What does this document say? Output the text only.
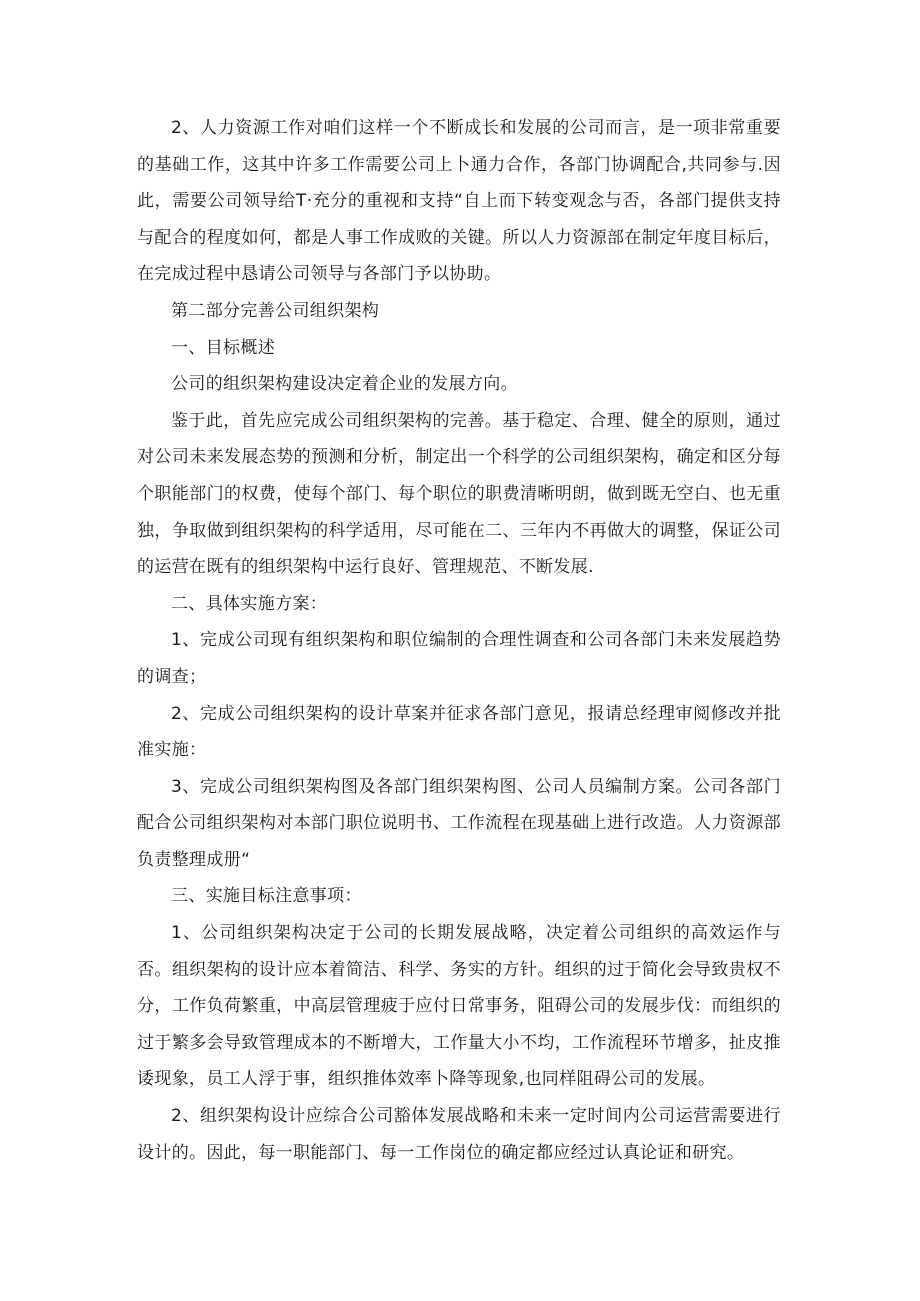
2、人力资源工作对咱们这样一个不断成长和发展的公司而言，是一项非常重要的基础工作，这其中许多工作需要公司上卜通力合作，各部门协调配合,共同参与.因此，需要公司领导给T·充分的重视和支持“自上而下转变观念与否，各部门提供支持与配合的程度如何，都是人事工作成败的关键。所以人力资源部在制定年度目标后，在完成过程中恳请公司领导与各部门予以协助。

第二部分完善公司组织架构

一、目标概述

公司的组织架构建设决定着企业的发展方向。

鉴于此，首先应完成公司组织架构的完善。基于稳定、合理、健全的原则，通过对公司未来发展态势的预测和分析，制定出一个科学的公司组织架构，确定和区分每个职能部门的权费，使每个部门、每个职位的职费清晰明朗，做到既无空白、也无重独，争取做到组织架构的科学适用，尽可能在二、三年内不再做大的调整，保证公司的运营在既有的组织架构中运行良好、管理规范、不断发展.

二、具体实施方案：

1、完成公司现有组织架构和职位编制的合理性调查和公司各部门未来发展趋势的调查；

2、完成公司组织架构的设计草案并征求各部门意见，报请总经理审阅修改并批准实施：

3、完成公司组织架构图及各部门组织架构图、公司人员编制方案。公司各部门配合公司组织架构对本部门职位说明书、工作流程在现基础上进行改造。人力资源部负责整理成册“

三、实施目标注意事项：

1、公司组织架构决定于公司的长期发展战略，决定着公司组织的高效运作与否。组织架构的设计应本着简洁、科学、务实的方针。组织的过于简化会导致贵权不分，工作负荷繁重，中高层管理疲于应付日常事务，阻碍公司的发展步伐：而组织的过于繁多会导致管理成本的不断增大，工作量大小不均，工作流程环节增多，扯皮推诿现象，员工人浮于事，组织推体效率卜降等现象,也同样阻碍公司的发展。

2、组织架构设计应综合公司豁体发展战略和未来一定时间内公司运营需要进行设计的。因此，每一职能部门、每一工作岗位的确定都应经过认真论证和研究。
